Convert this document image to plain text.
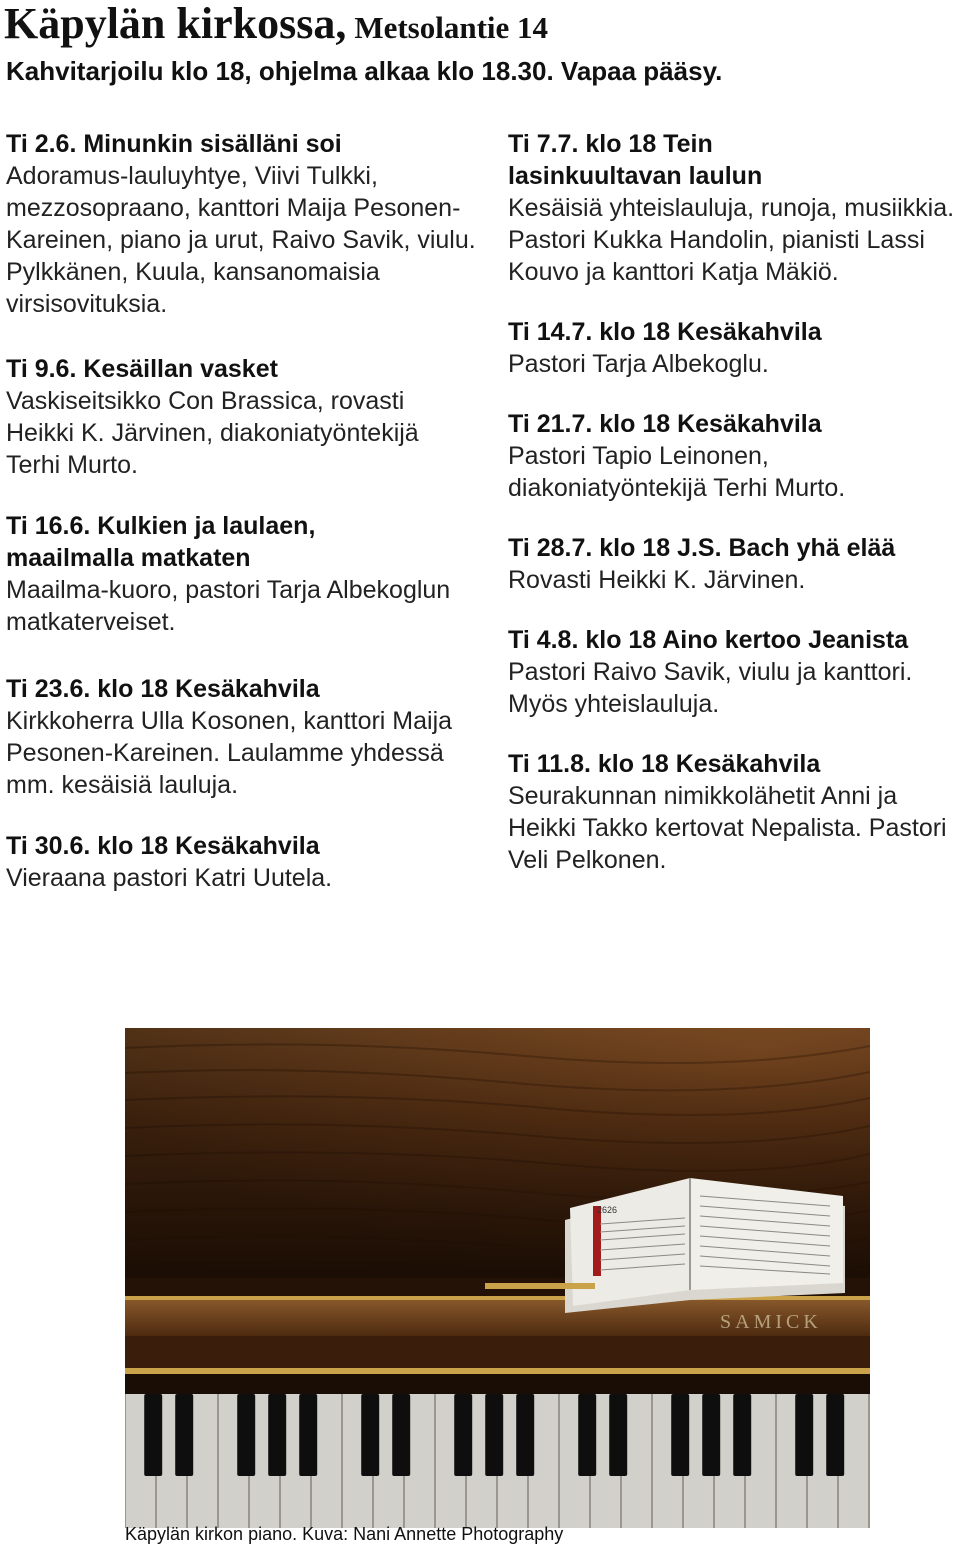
Käpylän kirkossa, Metsolantie 14

Kahvitarjoilu klo 18, ohjelma alkaa klo 18.30. Vapaa pääsy.

Ti 2.6. Minunkin sisälläni soi
Adoramus-lauluyhtye, Viivi Tulkki, mezzosopraano, kanttori Maija Pesonen-Kareinen, piano ja urut, Raivo Savik, viulu. Pylkkänen, Kuula, kansanomaisia virsisovituksia.
Ti 9.6. Kesäillan vasket
Vaskiseitsikko Con Brassica, rovasti Heikki K. Järvinen, diakoniatyöntekijä Terhi Murto.
Ti 16.6. Kulkien ja laulaen, maailmalla matkaten
Maailma-kuoro, pastori Tarja Albekoglun matkaterveiset.
Ti 23.6. klo 18 Kesäkahvila
Kirkkoherra Ulla Kosonen, kanttori Maija Pesonen-Kareinen. Laulamme yhdessä mm. kesäisiä lauluja.
Ti 30.6. klo 18 Kesäkahvila
Vieraana pastori Katri Uutela.
Ti 7.7. klo 18 Tein lasinkuultavan laulun
Kesäisiä yhteislauluja, runoja, musiikkia. Pastori Kukka Handolin, pianisti Lassi Kouvo ja kanttori Katja Mäkiö.
Ti 14.7. klo 18 Kesäkahvila
Pastori Tarja Albekoglu.
Ti 21.7. klo 18 Kesäkahvila
Pastori Tapio Leinonen, diakoniatyöntekijä Terhi Murto.
Ti 28.7. klo 18 J.S. Bach yhä elää
Rovasti Heikki K. Järvinen.
Ti 4.8. klo 18 Aino kertoo Jeanista
Pastori Raivo Savik, viulu ja kanttori. Myös yhteislauluja.
Ti 11.8. klo 18 Kesäkahvila
Seurakunnan nimikkolähetit Anni ja Heikki Takko kertovat Nepalista. Pastori Veli Pelkonen.
SAMICK
2626
Käpylän kirkon piano. Kuva: Nani Annette Photography
